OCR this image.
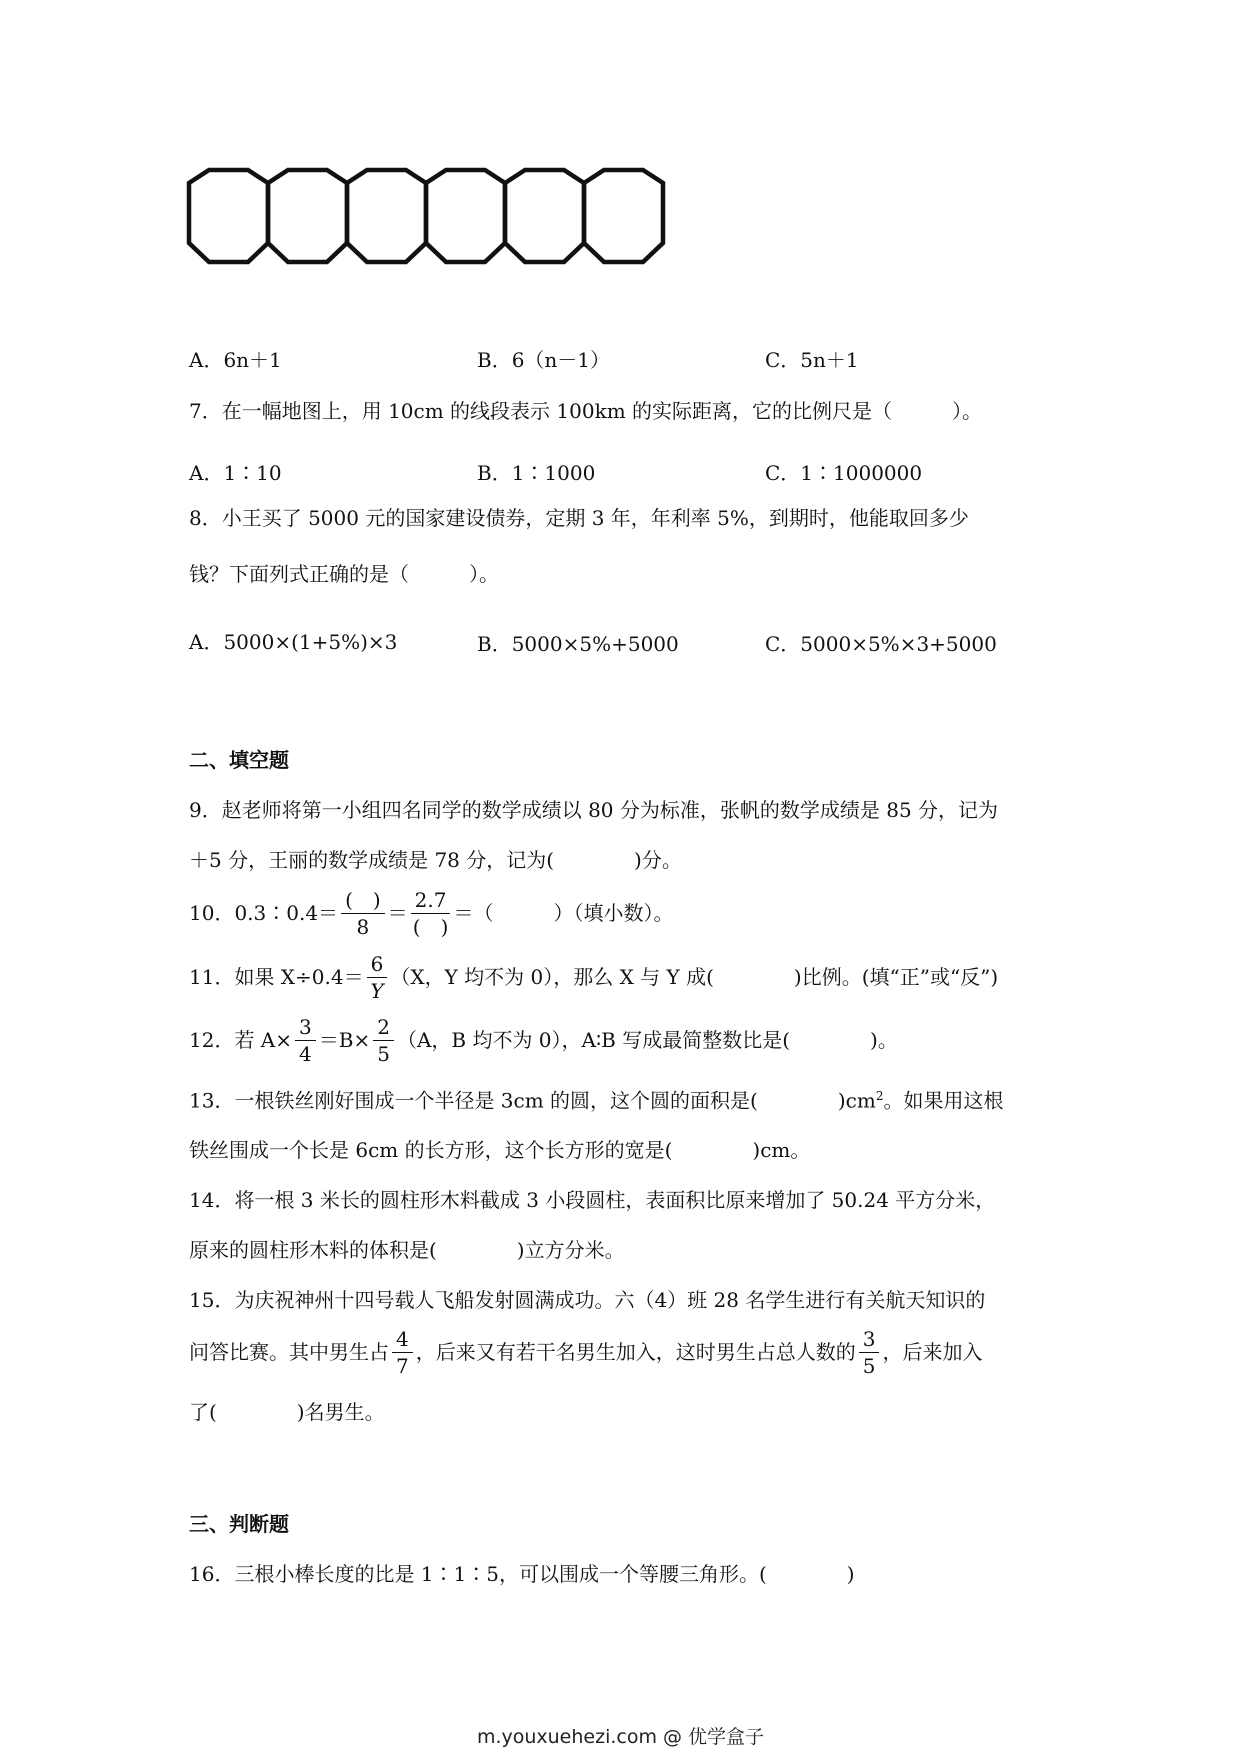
A．6n＋1	B．6（n－1）	C．5n＋1
7．在一幅地图上，用 10cm 的线段表示 100km 的实际距离，它的比例尺是（　　　）。
A．1∶10	B．1∶1000	C．1∶1000000
8．小王买了 5000 元的国家建设债券，定期 3 年，年利率 5%，到期时，他能取回多少
钱？下面列式正确的是（　　　）。
A．5000×(1+5%)×3	B．5000×5%+5000	C．5000×5%×3+5000
二、填空题
9．赵老师将第一小组四名同学的数学成绩以 80 分为标准，张帆的数学成绩是 85 分，记为
＋5 分，王丽的数学成绩是 78 分，记为(　　　　)分。
10．0.3∶0.4＝ $\frac{( )}{8} = \frac{2.7}{( )}$ ＝（　　　）（填小数）。
11．如果 $X\div 0.4= \frac{6}{Y} (X$，Y 均不为 0），那么 X 与 Y 成(　　　　)比例。(填“正”或“反”)
12．若 $A\times \frac{3}{4} =B\times \frac{2}{5} (A$，B 均不为 0），A∶B 写成最简整数比是(　　　　)。
13．一根铁丝刚好围成一个半径是 3cm 的圆，这个圆的面积是(　　　　)$cm^2$。如果用这根
铁丝围成一个长是 6cm 的长方形，这个长方形的宽是(　　　　)cm。
14．将一根 3 米长的圆柱形木料截成 3 小段圆柱，表面积比原来增加了 50.24 平方分米，
原来的圆柱形木料的体积是(　　　　)立方分米。
15．为庆祝神州十四号载人飞船发射圆满成功。六（4）班 28 名学生进行有关航天知识的
问答比赛。其中男生占 $\frac{4}{7}$ ，后来又有若干名男生加入，这时男生占总人数的 $\frac{3}{5}$ ，后来加入
了(　　　　)名男生。
三、判断题
16．三根小棒长度的比是 1∶1∶5，可以围成一个等腰三角形。(　　　　)
m.youxuehezi.com @ 优学盒子
